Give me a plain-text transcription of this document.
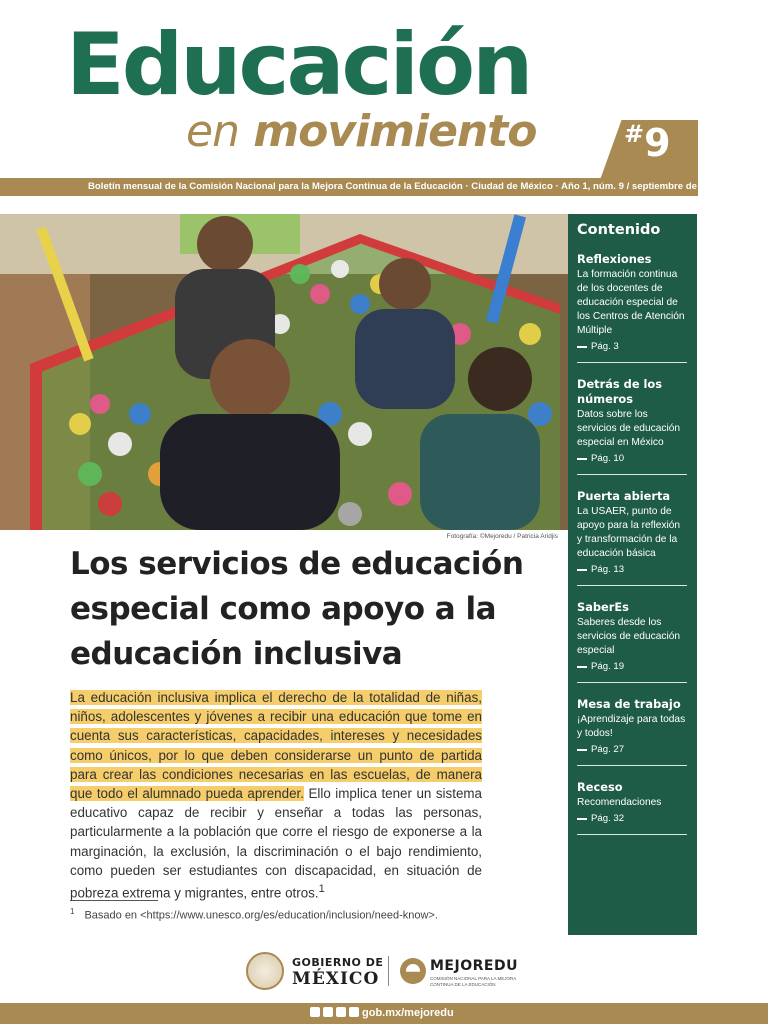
Educación
en movimiento	#9
Boletín mensual de la Comisión Nacional para la Mejora Continua de la Educación · Ciudad de México · Año 1, núm. 9 / septiembre de 2022
Fotografía: ©Mejoredu / Patricia Aridjis
Los servicios de educación especial como apoyo a la educación inclusiva

La educación inclusiva implica el derecho de la totalidad de niñas, niños, adolescentes y jóvenes a recibir una educación que tome en cuenta sus características, capacidades, intereses y necesidades como únicos, por lo que deben considerarse un punto de partida para crear las condiciones necesarias en las escuelas, de manera que todo el alumnado pueda aprender. Ello implica tener un sistema educativo capaz de recibir y enseñar a todas las personas, particularmente a la población que corre el riesgo de exponerse a la marginación, la exclusión, la discriminación o el bajo rendimiento, como pueden ser estudiantes con discapacidad, en situación de pobreza extrema y migrantes, entre otros.$^1$

$^1$ Basado en <https://www.unesco.org/es/education/inclusion/need-know>.
Contenido
Reflexiones
La formación continua de los docentes de educación especial de los Centros de Atención Múltiple
Pág. 3
Detrás de los números
Datos sobre los servicios de educación especial en México
Pág. 10
Puerta abierta
La USAER, punto de apoyo para la reflexión y transformación de la educación básica
Pág. 13
SaberEs
Saberes desde los servicios de educación especial
Pág. 19
Mesa de trabajo
¡Aprendizaje para todas y todos!
Pág. 27
Receso
Recomendaciones
Pág. 32
GOBIERNO DE
MÉXICO
MEJOREDU
COMISIÓN NACIONAL PARA LA MEJORA CONTINUA DE LA EDUCACIÓN
gob.mx/mejoredu
